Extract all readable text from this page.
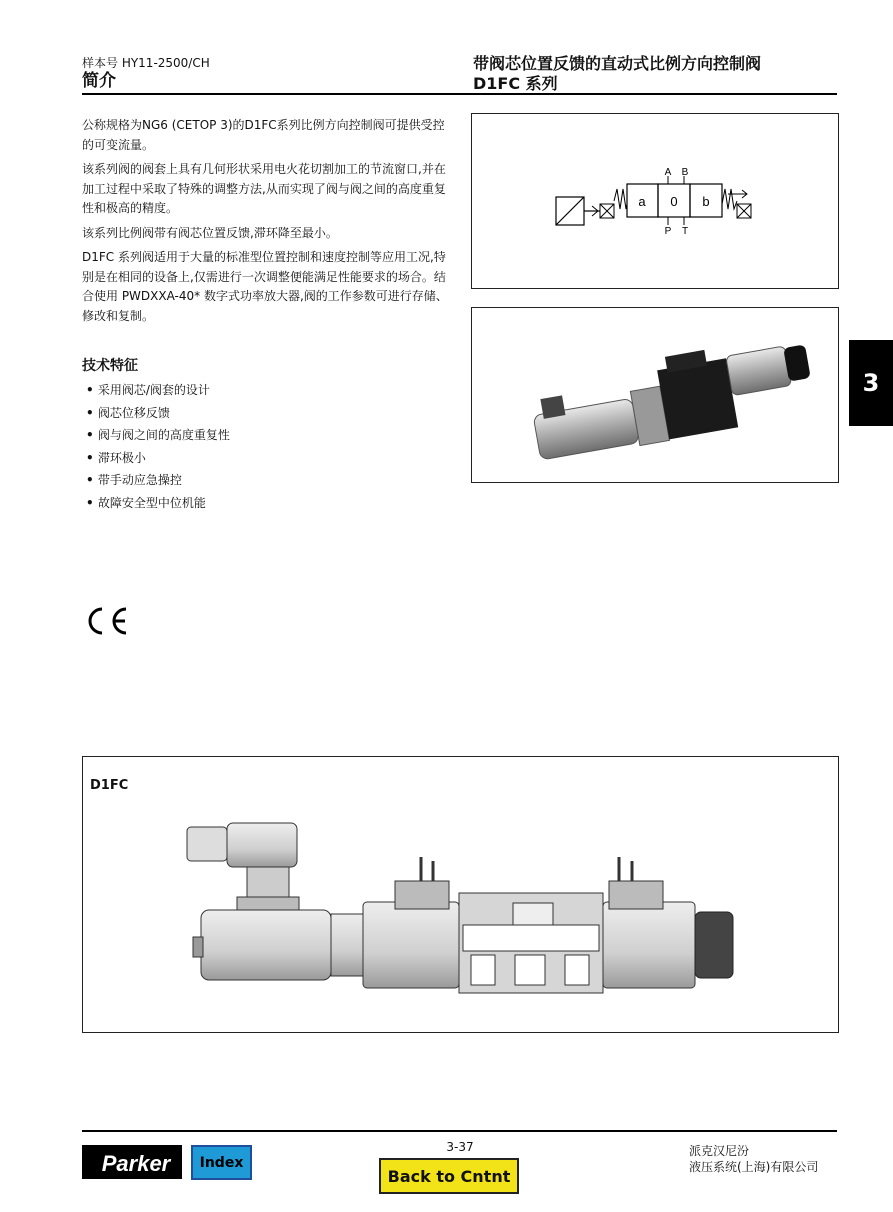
样本号 HY11-2500/CH
简介
带阀芯位置反馈的直动式比例方向控制阀
D1FC 系列

公称规格为NG6 (CETOP 3)的D1FC系列比例方向控制阀可提供受控的可变流量。

该系列阀的阀套上具有几何形状采用电火花切割加工的节流窗口,并在加工过程中采取了特殊的调整方法,从而实现了阀与阀之间的高度重复性和极高的精度。

该系列比例阀带有阀芯位置反馈,滞环降至最小。

D1FC 系列阀适用于大量的标准型位置控制和速度控制等应用工况,特别是在相同的设备上,仅需进行一次调整便能满足性能要求的场合。结合使用 PWDXXA-40* 数字式功率放大器,阀的工作参数可进行存储、修改和复制。

技术特征
• 采用阀芯/阀套的设计
• 阀芯位移反馈
• 阀与阀之间的高度重复性
• 滞环极小
• 带手动应急操控
• 故障安全型中位机能
a 0 b
A B
P T
3
D1FC
Parker	Index
3-37
Back to Cntnt
派克汉尼汾
液压系统(上海)有限公司
